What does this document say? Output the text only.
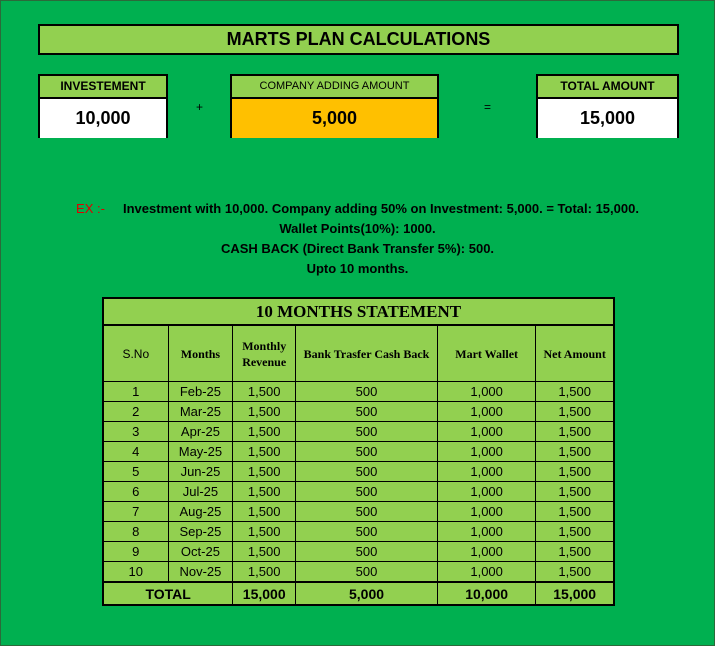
MARTS PLAN CALCULATIONS
INVESTEMENT
10,000
+
COMPANY ADDING AMOUNT
5,000
=
TOTAL AMOUNT
15,000
EX :- Investment with 10,000. Company adding 50% on Investment: 5,000. = Total: 15,000.
Wallet Points(10%): 1000.
CASH BACK (Direct Bank Transfer 5%): 500.
Upto 10 months.
10 MONTHS STATEMENT					
S.No	Months	Monthly Revenue	Bank Trasfer Cash Back	Mart Wallet	Net Amount
1	Feb-25	1,500	500	1,000	1,500
2	Mar-25	1,500	500	1,000	1,500
3	Apr-25	1,500	500	1,000	1,500
4	May-25	1,500	500	1,000	1,500
5	Jun-25	1,500	500	1,000	1,500
6	Jul-25	1,500	500	1,000	1,500
7	Aug-25	1,500	500	1,000	1,500
8	Sep-25	1,500	500	1,000	1,500
9	Oct-25	1,500	500	1,000	1,500
10	Nov-25	1,500	500	1,000	1,500
TOTAL		15,000	5,000	10,000	15,000
